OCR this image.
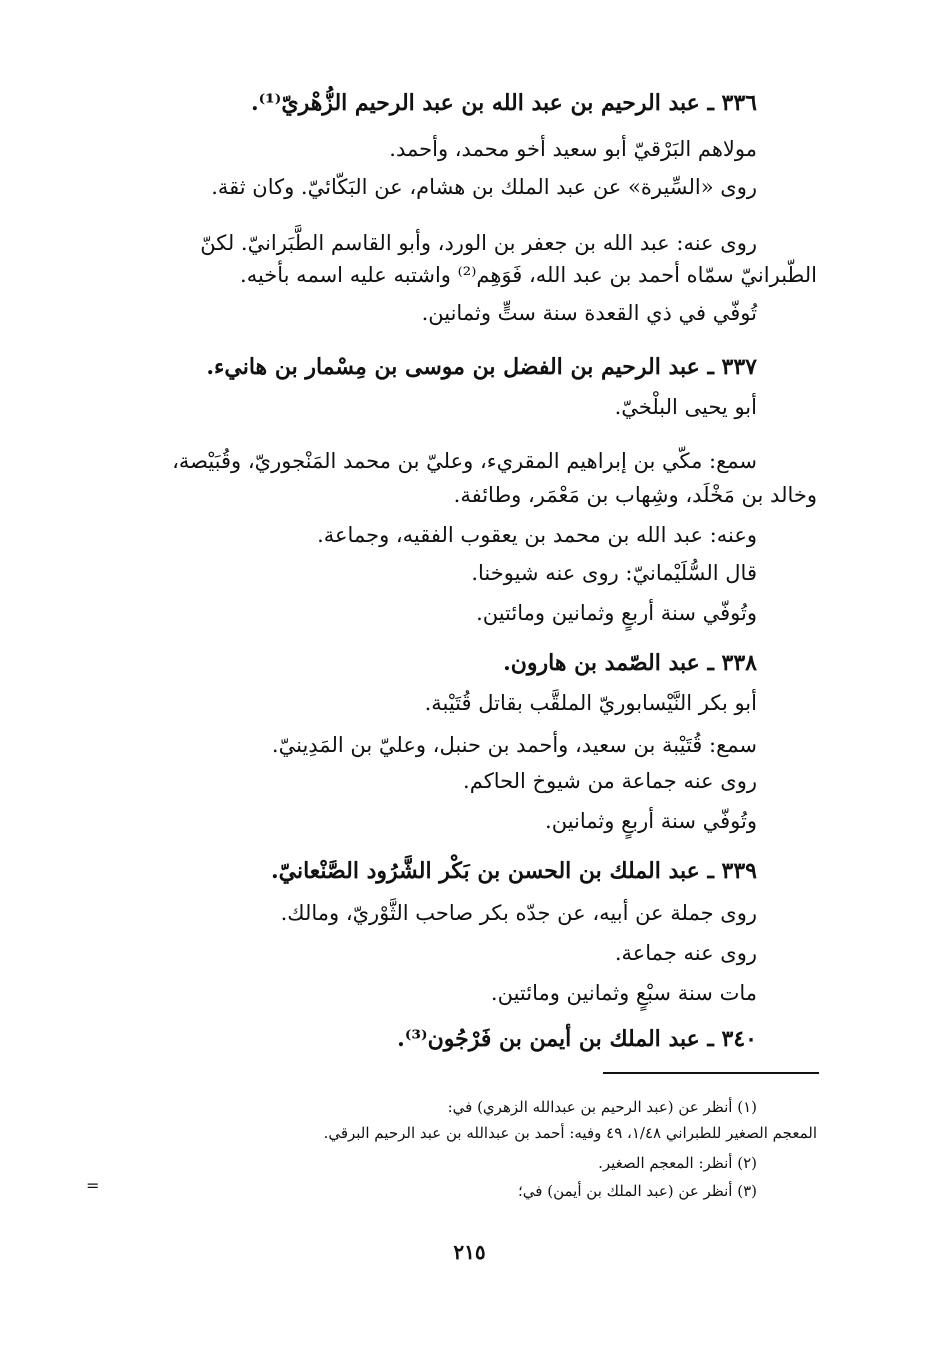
٣٣٦ ـ عبد الرحيم بن عبد الله بن عبد الرحيم الزُّهْريّ⁽¹⁾.
مولاهم البَرْقيّ أبو سعيد أخو محمد، وأحمد.
روى «السِّيرة» عن عبد الملك بن هشام، عن البَكّائيّ. وكان ثقة.
روى عنه: عبد الله بن جعفر بن الورد، وأبو القاسم الطَّبَرانيّ. لكنّ
الطّبرانيّ سمّاه أحمد بن عبد الله، فَوَهِم⁽²⁾ واشتبه عليه اسمه بأخيه.
تُوفّي في ذي القعدة سنة ستٍّ وثمانين.
٣٣٧ ـ عبد الرحيم بن الفضل بن موسى بن مِسْمار بن هانيء.
أبو يحيى البلْخيّ.
سمع: مكّي بن إبراهيم المقريء، وعليّ بن محمد المَنْجوريّ، وقُبَيْصة،
وخالد بن مَخْلَد، وشِهاب بن مَعْمَر، وطائفة.
وعنه: عبد الله بن محمد بن يعقوب الفقيه، وجماعة.
قال السُّلَيْمانيّ: روى عنه شيوخنا.
وتُوفّي سنة أربعٍ وثمانين ومائتين.
٣٣٨ ـ عبد الصّمد بن هارون.
أبو بكر النَّيْسابوريّ الملقَّب بقاتل قُتَيْبة.
سمع: قُتَيْبة بن سعيد، وأحمد بن حنبل، وعليّ بن المَدِينيّ.
روى عنه جماعة من شيوخ الحاكم.
وتُوفّي سنة أربعٍ وثمانين.
٣٣٩ ـ عبد الملك بن الحسن بن بَكْر الشَّرُود الصَّنْعانيّ.
روى جملة عن أبيه، عن جدّه بكر صاحب الثَّوْريّ، ومالك.
روى عنه جماعة.
مات سنة سبْعٍ وثمانين ومائتين.
٣٤٠ ـ عبد الملك بن أيمن بن فَرْجُون⁽³⁾.
(١) أنظر عن (عبد الرحيم بن عبدالله الزهري) في:
المعجم الصغير للطبراني ١/٤٨، ٤٩ وفيه: أحمد بن عبدالله بن عبد الرحيم البرقي.
(٢) أنظر: المعجم الصغير.
(٣) أنظر عن (عبد الملك بن أيمن) في؛
=
٢١٥
